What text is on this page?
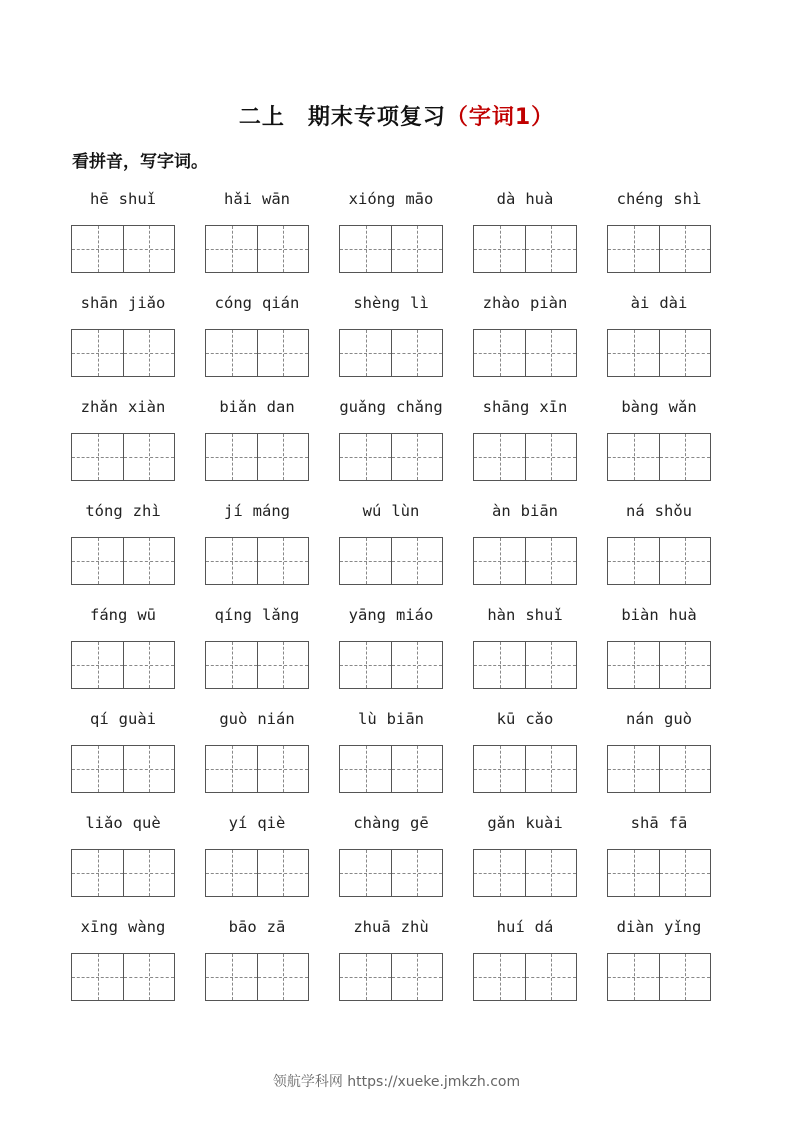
二上　期末专项复习（字词1）
看拼音，写字词。
hē shuǐ	hǎi wān	xióng māo	dà huà	chéng shì
shān jiǎo	cóng qián	shèng lì	zhào piàn	ài dài
zhǎn xiàn	biǎn dan	guǎng chǎng	shāng xīn	bàng wǎn
tóng zhì	jí máng	wú lùn	àn biān	ná shǒu
fáng wū	qíng lǎng	yāng miáo	hàn shuǐ	biàn huà
qí guài	guò nián	lù biān	kū cǎo	nán guò
liǎo què	yí qiè	chàng gē	gǎn kuài	shā fā
xīng wàng	bāo zā	zhuā zhù	huí dá	diàn yǐng
领航学科网 https://xueke.jmkzh.com
